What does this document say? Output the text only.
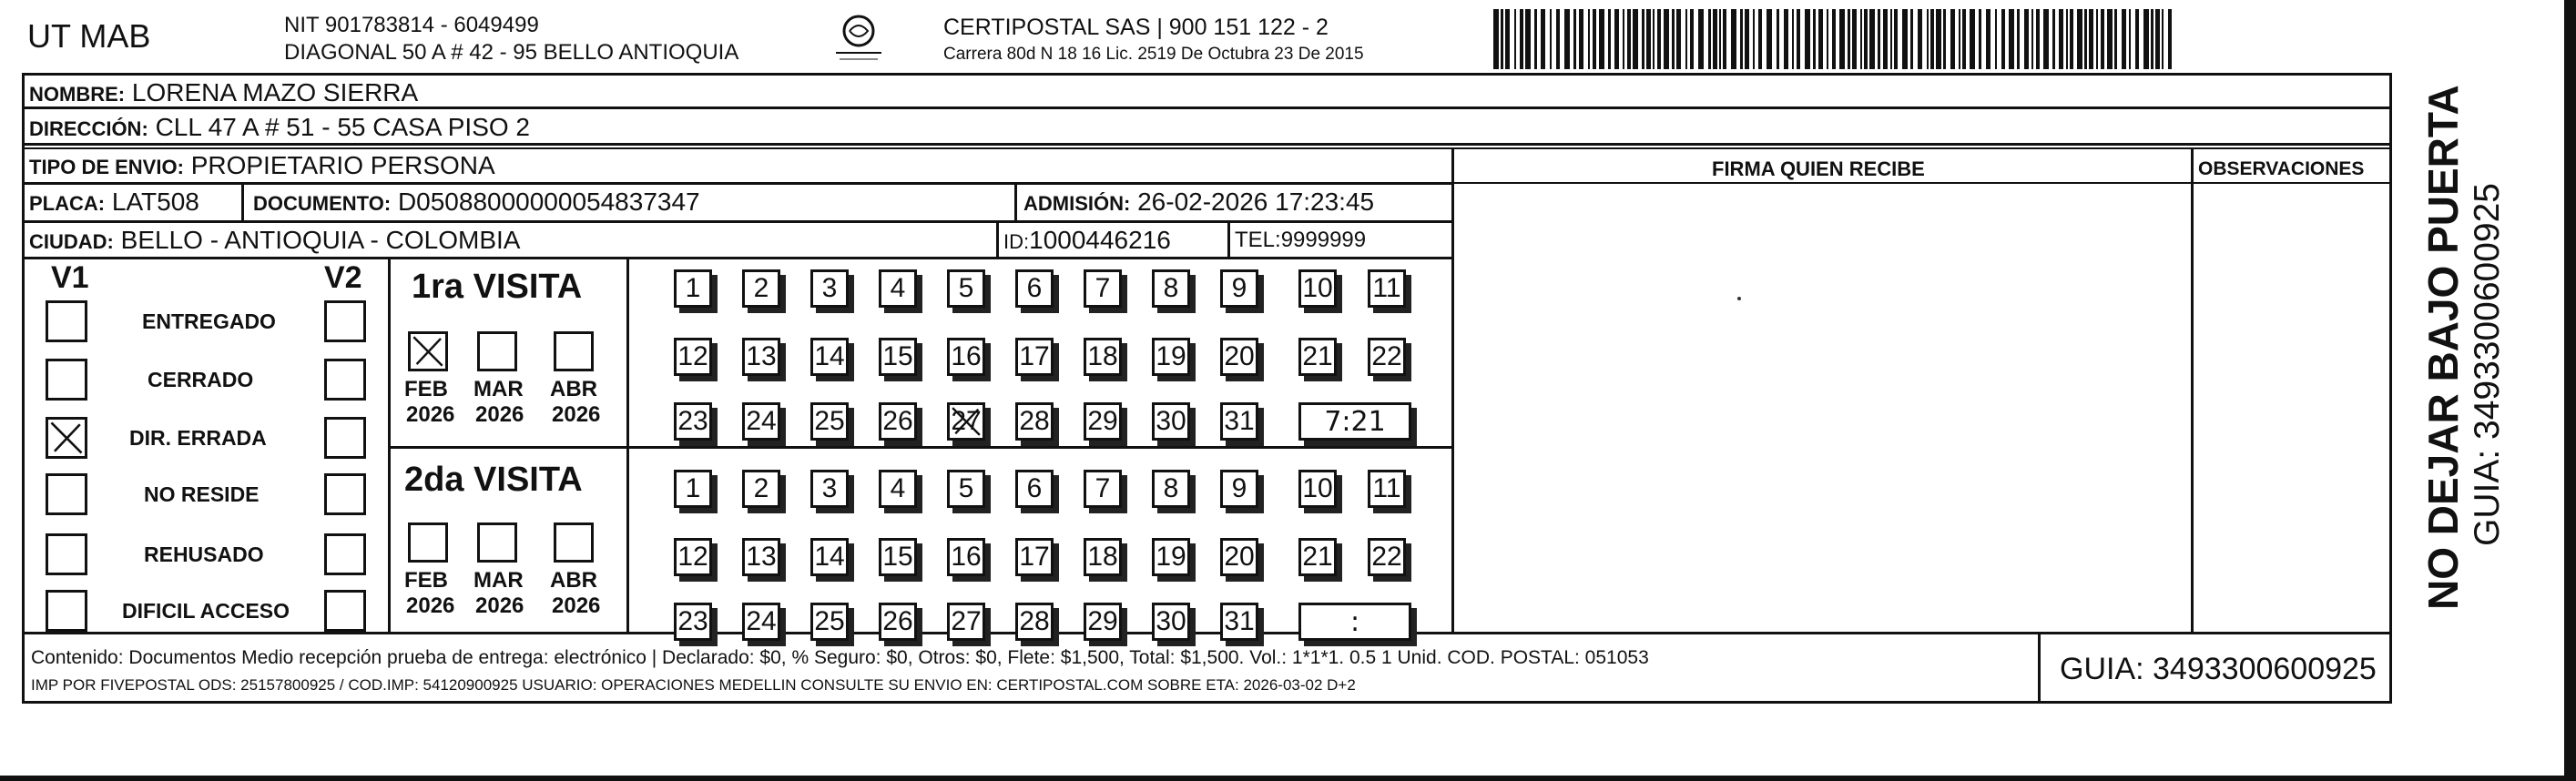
UT MAB	NIT 901783814 - 6049499
DIAGONAL 50 A # 42 - 95 BELLO ANTIOQUIA
CERTIPOSTAL SAS | 900 151 122 - 2
Carrera 80d N 18 16 Lic. 2519 De Octubra 23 De 2015
NOMBRE: LORENA MAZO SIERRA
DIRECCIÓN: CLL 47 A # 51 - 55 CASA PISO 2
TIPO DE ENVIO: PROPIETARIO PERSONA
PLACA: LAT508	DOCUMENTO: D05088000000054837347	ADMISIÓN: 26-02-2026 17:23:45
CIUDAD: BELLO - ANTIOQUIA - COLOMBIA	ID:1000446216	TEL:9999999
FIRMA QUIEN RECIBE	OBSERVACIONES
V1	V2
ENTREGADO
CERRADO
DIR. ERRADA
NO RESIDE
REHUSADO
DIFICIL ACCESO
1ra VISITA
2da VISITA
FEB
2026
MAR
2026
ABR
2026
FEB
2026
MAR
2026
ABR
2026
1 2 3 4 5 6 7 8 9 10 11
12 13 14 15 16 17 18 19 20 21 22
23 24 25 26 27 28 29 30 31	7:21
1 2 3 4 5 6 7 8 9 10 11
12 13 14 15 16 17 18 19 20 21 22
23 24 25 26 27 28 29 30 31	:
Contenido: Documentos Medio recepción prueba de entrega: electrónico | Declarado: $0, % Seguro: $0, Otros: $0, Flete: $1,500, Total: $1,500. Vol.: 1*1*1. 0.5 1 Unid. COD. POSTAL: 051053
IMP POR FIVEPOSTAL ODS: 25157800925 / COD.IMP: 54120900925 USUARIO: OPERACIONES MEDELLIN CONSULTE SU ENVIO EN: CERTIPOSTAL.COM SOBRE ETA: 2026-03-02 D+2	GUIA: 3493300600925
NO DEJAR BAJO PUERTA GUIA: 3493300600925
